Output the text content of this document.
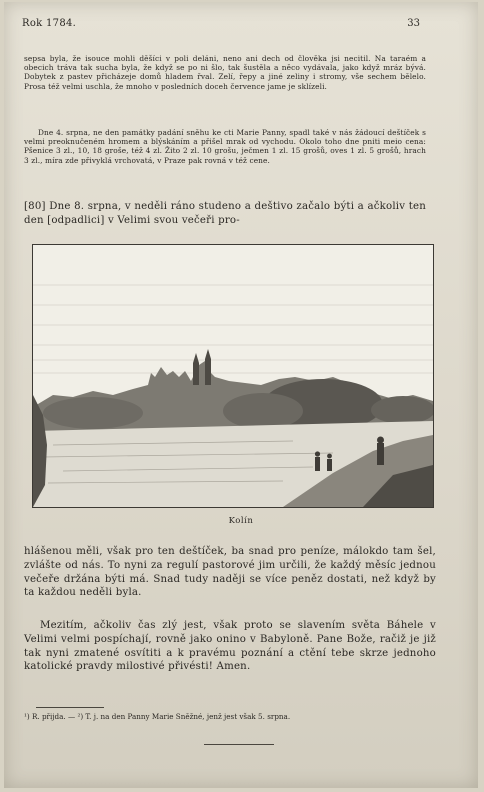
Rok 1784.	33

sepsa byla, že isouce mohli děšíci v poli deláni, neno ani dech od člověka jsi necitil. Na taraém a obecich tráva tak sucha byla, že když se po ni šlo, tak šustěla a něco vydávala, jako když mráz bývá. Dobytek z pastev přicházeje domů hladem řval. Zelí, řepy a jiné zeliny i stromy, vše sechem bělelo. Prosa též velmi uschla, že mnoho v posledních doceh července jame je sklízeli.

Dne 4. srpna, ne den památky padání sněhu ke cti Marie Panny, spadl také v nás žádoucí deštíček s velmi preoknučeném hromem a blýskáním a přišel mrak od vychodu. Okolo toho dne pniti meio cena: Pšenice 3 zl., 10, 18 groše, též 4 zl. Žito 2 zl. 10 grošu, ječmen 1 zl. 15 grošů, oves 1 zl. 5 grošů, hrach 3 zl., míra zde přivyklá vrchovatá, v Praze pak rovná v též cene.

[80] Dne 8. srpna, v neděli ráno studeno a deštivo začalo býti a ačkoliv ten den [odpadlici] v Velimi svou večeři pro-

Kolín

hlášenou měli, však pro ten deštíček, ba snad pro peníze, málokdo tam šel, zvlášte od nás. To nyni za regulí pastorové jim určili, že každý měsíc jednou večeře držána býti má. Snad tudy naději se více peněz dostati, než když by ta každou neděli byla.

Mezitím, ačkoliv čas zlý jest, však proto se slavením světa Báhele v Velimi velmi pospíchají, rovně jako onino v Babyloně. Pane Bože, račiž je již tak nyni zmatené osvítiti a k pravému poznání a ctění tebe skrze jednoho katolické pravdy milostivé přivésti! Amen.

¹) R. přijda. — ²) T. j. na den Panny Marie Sněžné, jenž jest však 5. srpna.
